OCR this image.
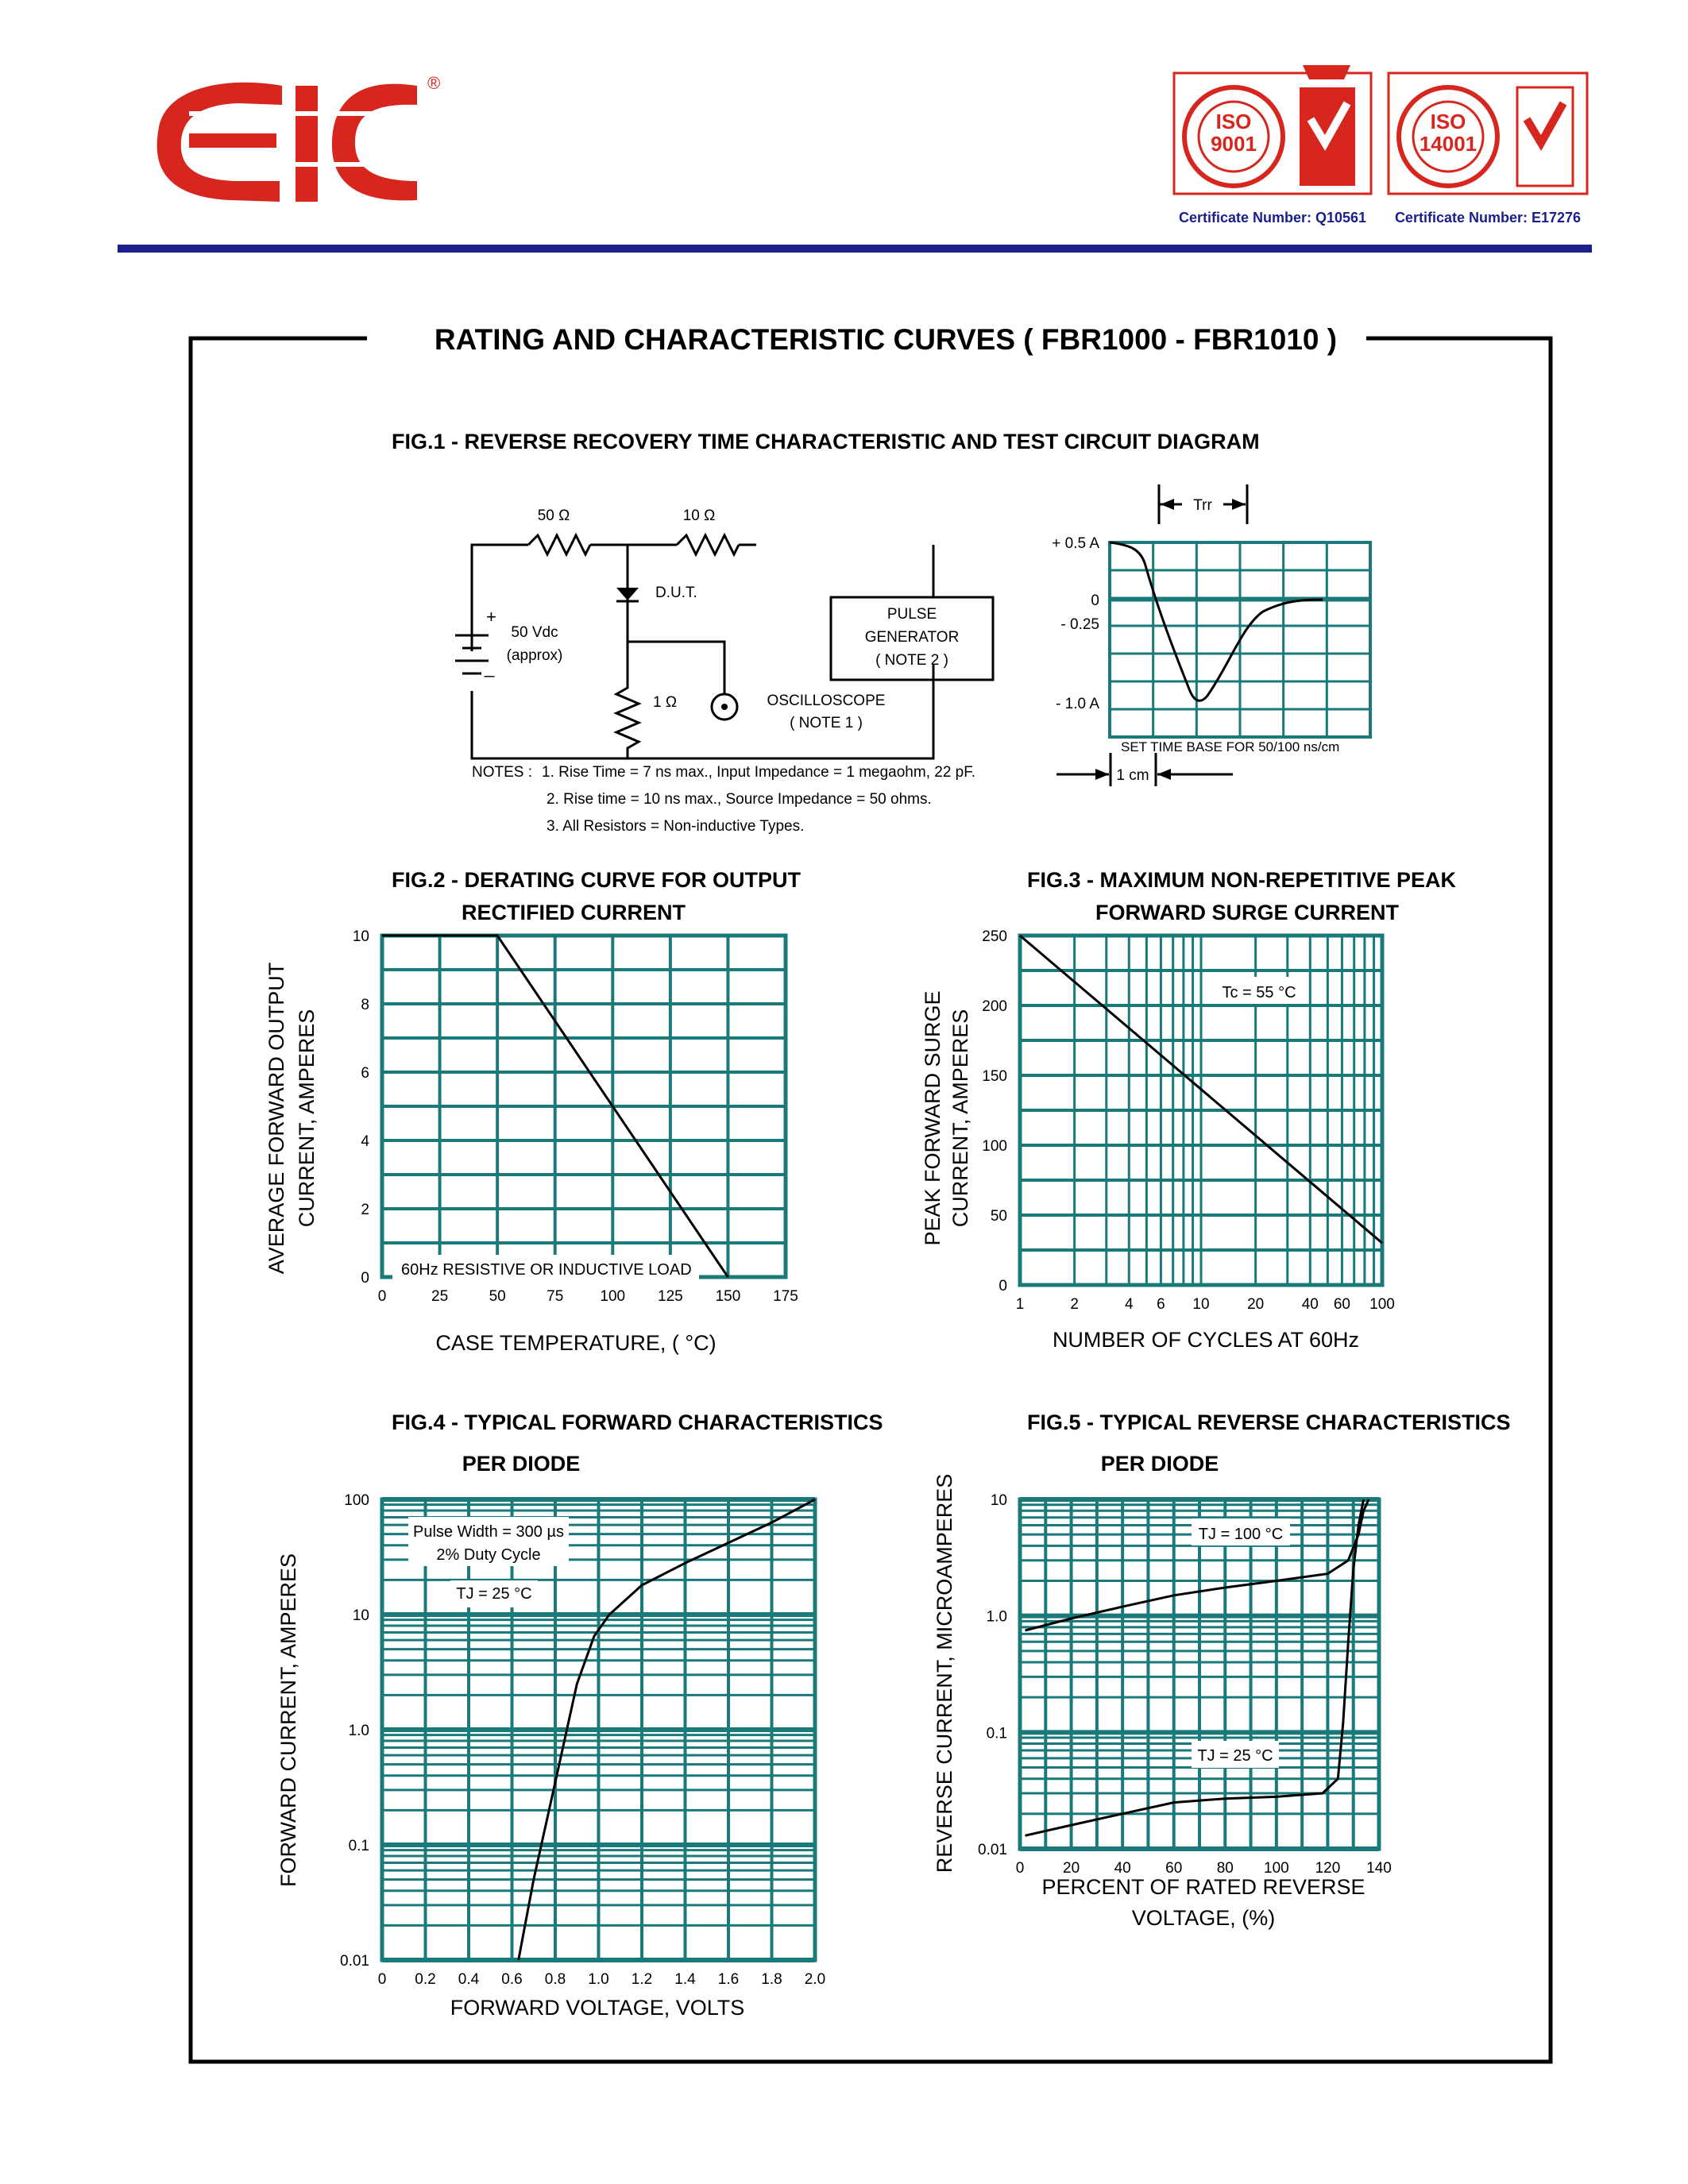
®
ISO
9001
Certificate Number: Q10561
ISO
14001
Certificate Number: E17276
RATING AND CHARACTERISTIC CURVES ( FBR1000 - FBR1010 )
FIG.1 - REVERSE RECOVERY TIME CHARACTERISTIC AND TEST CIRCUIT DIAGRAM
50 Ω	10 Ω
D.U.T.
+
_
50 Vdc
(approx)
1 Ω
PULSE
GENERATOR
( NOTE 2 )
OSCILLOSCOPE
( NOTE 1 )
NOTES : 1. Rise Time = 7 ns max., Input Impedance = 1 megaohm, 22 pF.
2. Rise time = 10 ns max., Source Impedance = 50 ohms.
3. All Resistors = Non-inductive Types.
+ 0.5 A
0
- 0.25
- 1.0 A
Trr
SET TIME BASE FOR 50/100 ns/cm
1 cm
FIG.2 - DERATING CURVE FOR OUTPUT
RECTIFIED CURRENT
FIG.3 - MAXIMUM NON-REPETITIVE PEAK
FORWARD SURGE CURRENT
FIG.4 - TYPICAL FORWARD CHARACTERISTICS
PER DIODE
FIG.5 - TYPICAL REVERSE CHARACTERISTICS
PER DIODE
CASE TEMPERATURE, ( °C)
AVERAGE FORWARD OUTPUT CURRENT, AMPERES
NUMBER OF CYCLES AT 60Hz
PEAK FORWARD SURGE CURRENT, AMPERES
FORWARD VOLTAGE, VOLTS
FORWARD CURRENT, AMPERES	PERCENT OF RATED REVERSE
VOLTAGE, (%)
REVERSE CURRENT, MICROAMPERES
0	25	50	75 100 125 150 175
0
2
4
6
8
10
1	2	4 6 10 20 40 60 100
0
50
100
150
200
250
0 0.2 0.4 0.6 0.8 1.0 1.2 1.4 1.6 1.8 2.0
0.01
0.1
1.0
10
100
0	20 40 60 80 100 120 140
0.01
0.1
1.0
10
60Hz RESISTIVE OR INDUCTIVE LOAD
Tc = 55 °C
Pulse Width = 300 µs
2% Duty Cycle
TJ = 25 °C
TJ = 100 °C
TJ = 25 °C
